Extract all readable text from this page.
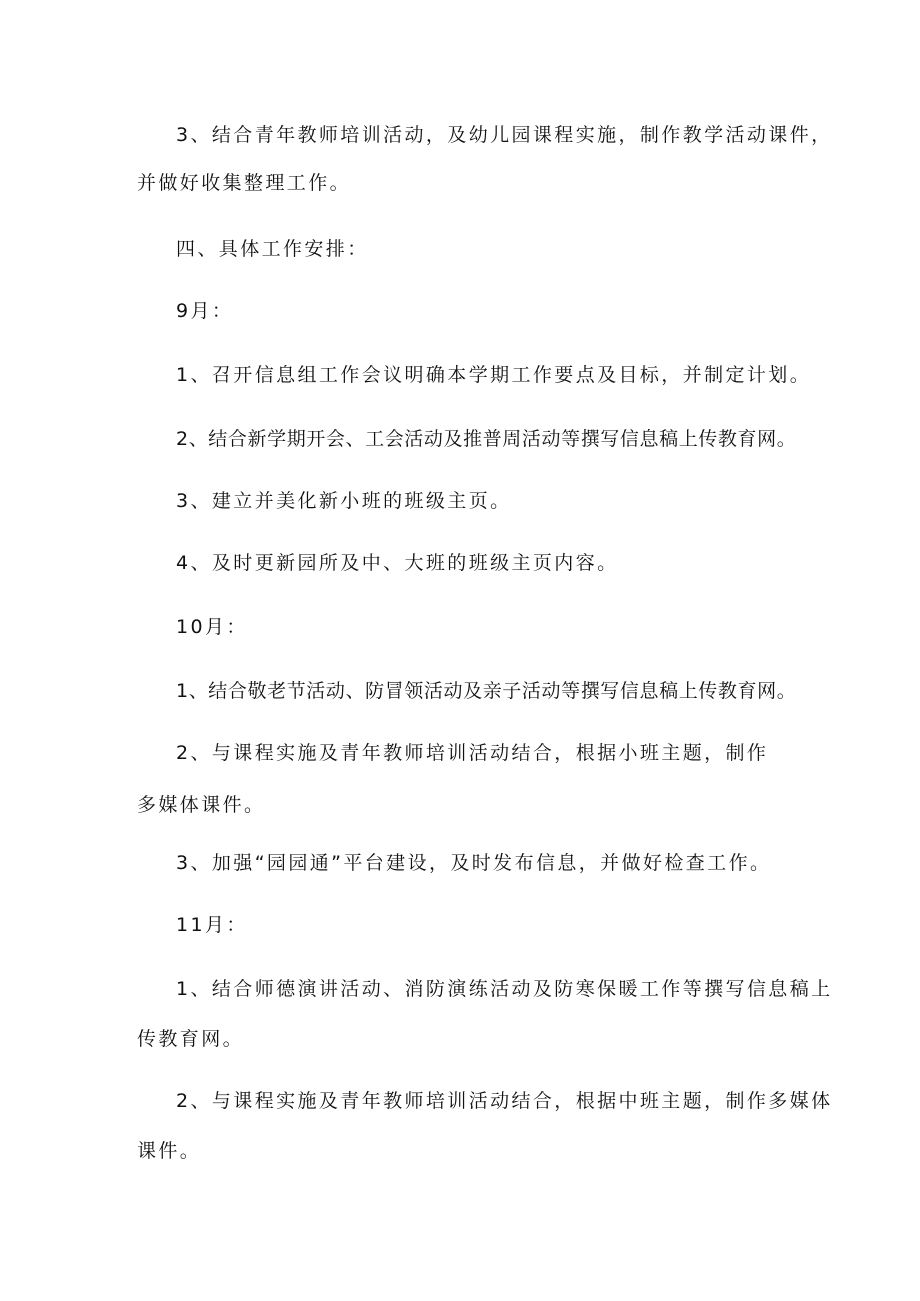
3、结合青年教师培训活动，及幼儿园课程实施，制作教学活动课件，
并做好收集整理工作。
四、具体工作安排：
9月：
1、召开信息组工作会议明确本学期工作要点及目标，并制定计划。
2、结合新学期开会、工会活动及推普周活动等撰写信息稿上传教育网。
3、建立并美化新小班的班级主页。
4、及时更新园所及中、大班的班级主页内容。
10月：
1、结合敬老节活动、防冒领活动及亲子活动等撰写信息稿上传教育网。
2、与课程实施及青年教师培训活动结合，根据小班主题，制作
多媒体课件。
3、加强“园园通”平台建设，及时发布信息，并做好检查工作。
11月：
1、结合师德演讲活动、消防演练活动及防寒保暖工作等撰写信息稿上
传教育网。
2、与课程实施及青年教师培训活动结合，根据中班主题，制作多媒体
课件。
